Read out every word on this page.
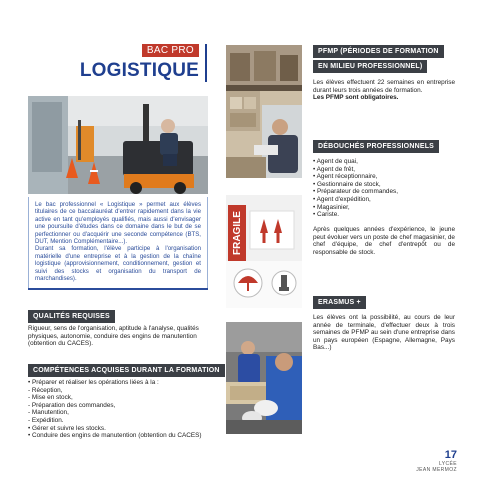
BAC PRO
LOGISTIQUE

Le bac professionnel « Logistique » permet aux élèves titulaires de ce baccalauréat d'entrer rapidement dans la vie active en tant qu'employés qualifiés, mais aussi d'envisager une poursuite d'études dans ce domaine dans le but de se perfectionner ou d'acquérir une seconde compétence (BTS, DUT, Mention Complémentaire...).

Durant sa formation, l'élève participe à l'organisation matérielle d'une entreprise et à la gestion de la chaîne logistique (approvisionnement, conditionnement, gestion et suivi des stocks et organisation du transport de marchandises).

QUALITÉS REQUISES
Rigueur, sens de l'organisation, aptitude à l'analyse, qualités physiques, autonomie, conduire des engins de manutention (obtention du CACES).
COMPÉTENCES ACQUISES DURANT LA FORMATION
• Préparer et réaliser les opérations liées à la :
- Réception,
- Mise en stock,
- Préparation des commandes,
- Manutention,
- Expédition.
• Gérer et suivre les stocks.
• Conduire des engins de manutention (obtention du CACES)
PFMP (PÉRIODES DE FORMATION
EN MILIEU PROFESSIONNEL)
Les élèves effectuent 22 semaines en entreprise durant leurs trois années de formation.
Les PFMP sont obligatoires.
DÉBOUCHÉS PROFESSIONNELS
• Agent de quai,
• Agent de frêt,
• Agent réceptionnaire,
• Gestionnaire de stock,
• Préparateur de commandes,
• Agent d'expédition,
• Magasinier,
• Cariste.
Après quelques années d'expérience, le jeune peut évoluer vers un poste de chef magasinier, de chef d'équipe, de chef d'entrepôt ou de responsable de stock.
FRAGILE
ERASMUS +
Les élèves ont la possibilité, au cours de leur année de terminale, d'effectuer deux à trois semaines de PFMP au sein d'une entreprise dans un pays européen (Espagne, Allemagne, Pays Bas...)
17
LYCÉE
JEAN MERMOZ
